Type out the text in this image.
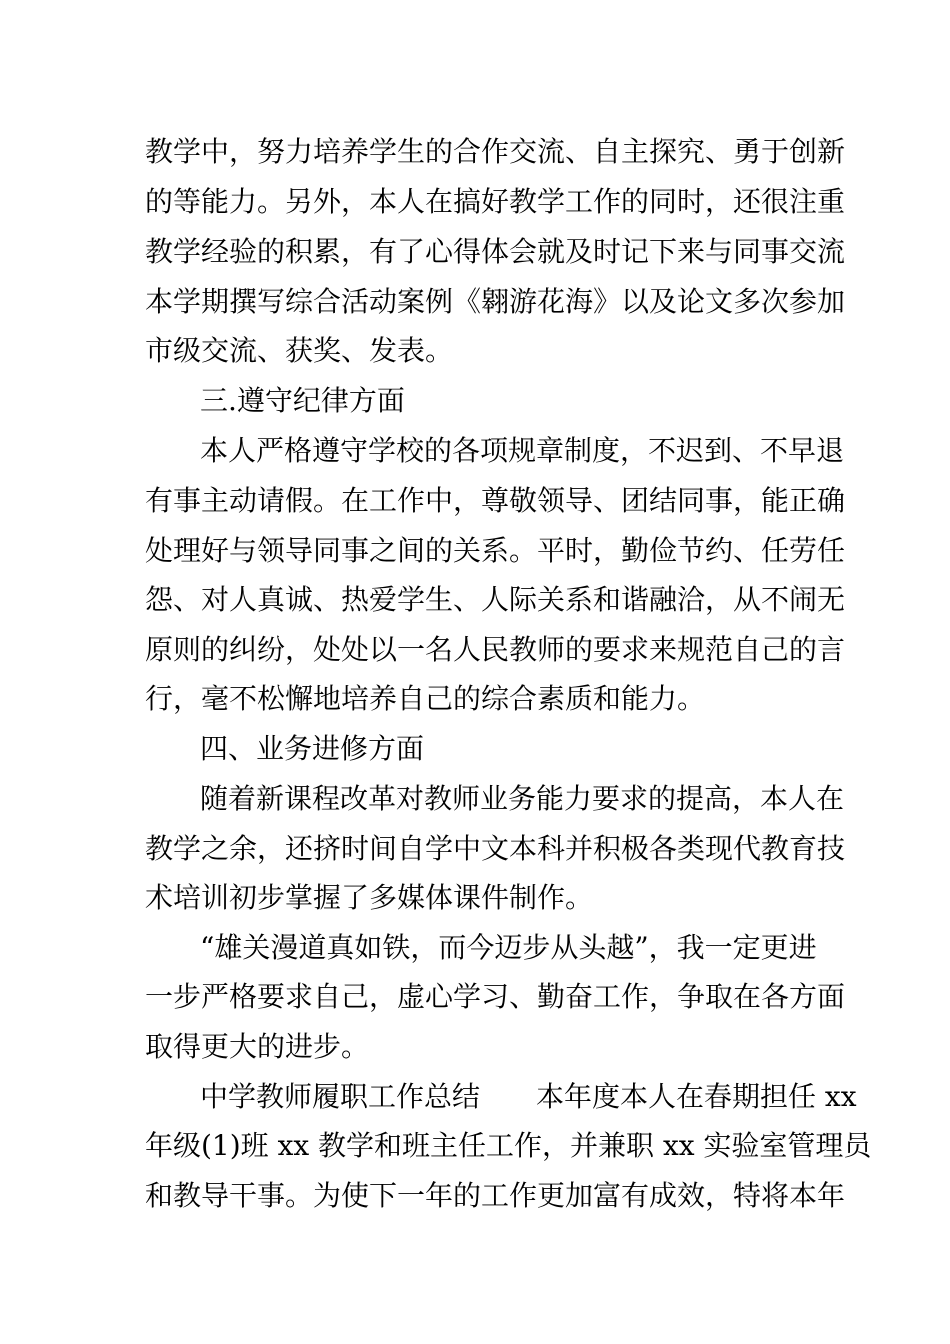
教学中，努力培养学生的合作交流、自主探究、勇于创新
的等能力。另外，本人在搞好教学工作的同时，还很注重
教学经验的积累，有了心得体会就及时记下来与同事交流
本学期撰写综合活动案例《翱游花海》以及论文多次参加
市级交流、获奖、发表。
三.遵守纪律方面
本人严格遵守学校的各项规章制度，不迟到、不早退
有事主动请假。在工作中，尊敬领导、团结同事，能正确
处理好与领导同事之间的关系。平时，勤俭节约、任劳任
怨、对人真诚、热爱学生、人际关系和谐融洽，从不闹无
原则的纠纷，处处以一名人民教师的要求来规范自己的言
行，毫不松懈地培养自己的综合素质和能力。
四、业务进修方面
随着新课程改革对教师业务能力要求的提高，本人在
教学之余，还挤时间自学中文本科并积极各类现代教育技
术培训初步掌握了多媒体课件制作。
“雄关漫道真如铁，而今迈步从头越”，我一定更进
一步严格要求自己，虚心学习、勤奋工作，争取在各方面
取得更大的进步。
中学教师履职工作总结　　本年度本人在春期担任 xx
年级(1)班 xx 教学和班主任工作，并兼职 xx 实验室管理员
和教导干事。为使下一年的工作更加富有成效，特将本年
